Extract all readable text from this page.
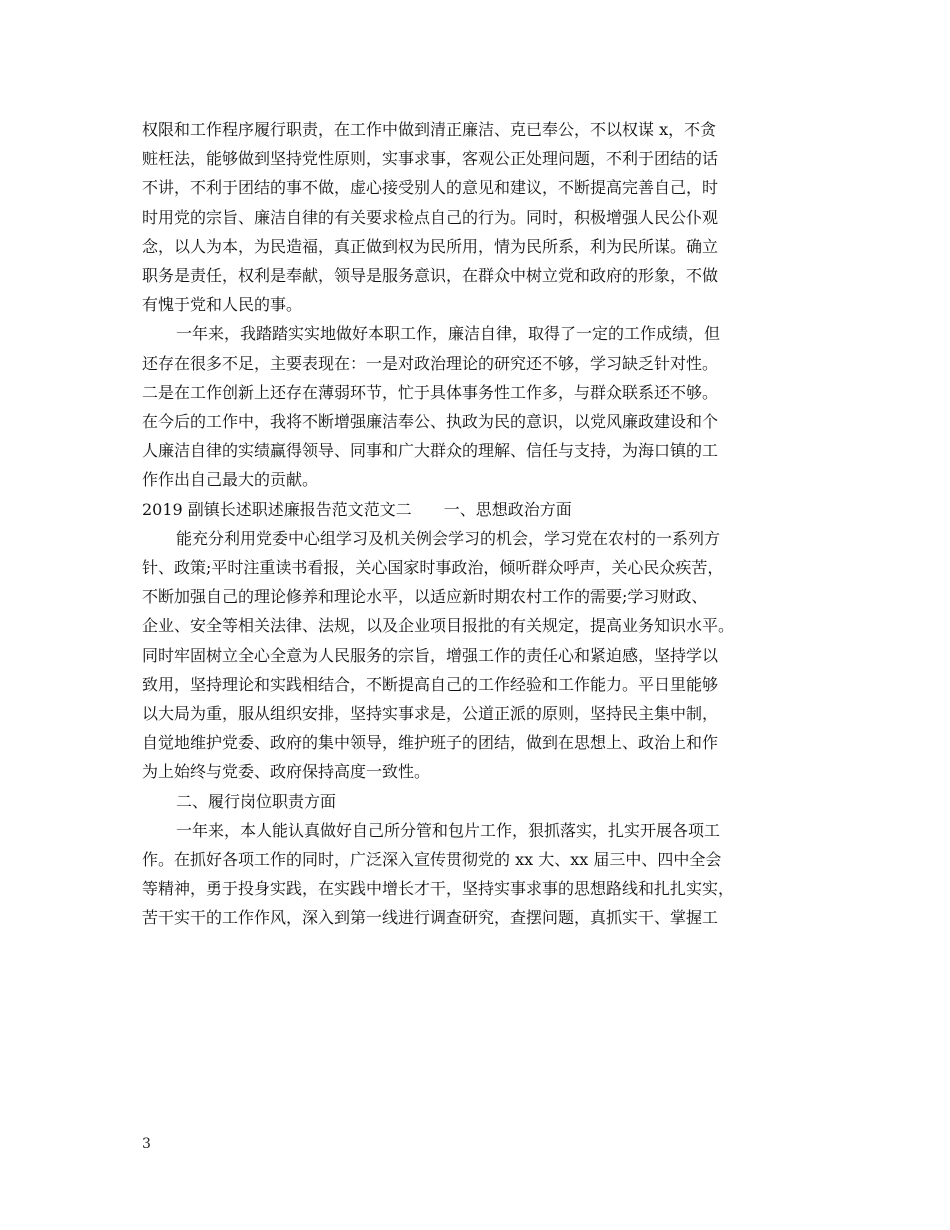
权限和工作程序履行职责，在工作中做到清正廉洁、克已奉公，不以权谋 x，不贪
赃枉法，能够做到坚持党性原则，实事求事，客观公正处理问题，不利于团结的话
不讲，不利于团结的事不做，虚心接受别人的意见和建议，不断提高完善自己，时
时用党的宗旨、廉洁自律的有关要求检点自己的行为。同时，积极增强人民公仆观
念，以人为本，为民造福，真正做到权为民所用，情为民所系，利为民所谋。确立
职务是责任，权利是奉献，领导是服务意识，在群众中树立党和政府的形象，不做
有愧于党和人民的事。
一年来，我踏踏实实地做好本职工作，廉洁自律，取得了一定的工作成绩，但
还存在很多不足，主要表现在：一是对政治理论的研究还不够，学习缺乏针对性。
二是在工作创新上还存在薄弱环节，忙于具体事务性工作多，与群众联系还不够。
在今后的工作中，我将不断增强廉洁奉公、执政为民的意识，以党风廉政建设和个
人廉洁自律的实绩赢得领导、同事和广大群众的理解、信任与支持，为海口镇的工
作作出自己最大的贡献。
2019 副镇长述职述廉报告范文范文二　　一、思想政治方面
能充分利用党委中心组学习及机关例会学习的机会，学习党在农村的一系列方
针、政策;平时注重读书看报，关心国家时事政治，倾听群众呼声，关心民众疾苦，
不断加强自己的理论修养和理论水平，以适应新时期农村工作的需要;学习财政、
企业、安全等相关法律、法规，以及企业项目报批的有关规定，提高业务知识水平。
同时牢固树立全心全意为人民服务的宗旨，增强工作的责任心和紧迫感，坚持学以
致用，坚持理论和实践相结合，不断提高自己的工作经验和工作能力。平日里能够
以大局为重，服从组织安排，坚持实事求是，公道正派的原则，坚持民主集中制，
自觉地维护党委、政府的集中领导，维护班子的团结，做到在思想上、政治上和作
为上始终与党委、政府保持高度一致性。
二、履行岗位职责方面
一年来，本人能认真做好自己所分管和包片工作，狠抓落实，扎实开展各项工
作。在抓好各项工作的同时，广泛深入宣传贯彻党的 xx 大、xx 届三中、四中全会
等精神，勇于投身实践，在实践中增长才干，坚持实事求事的思想路线和扎扎实实，
苦干实干的工作作风，深入到第一线进行调查研究，查摆问题，真抓实干、掌握工
3
